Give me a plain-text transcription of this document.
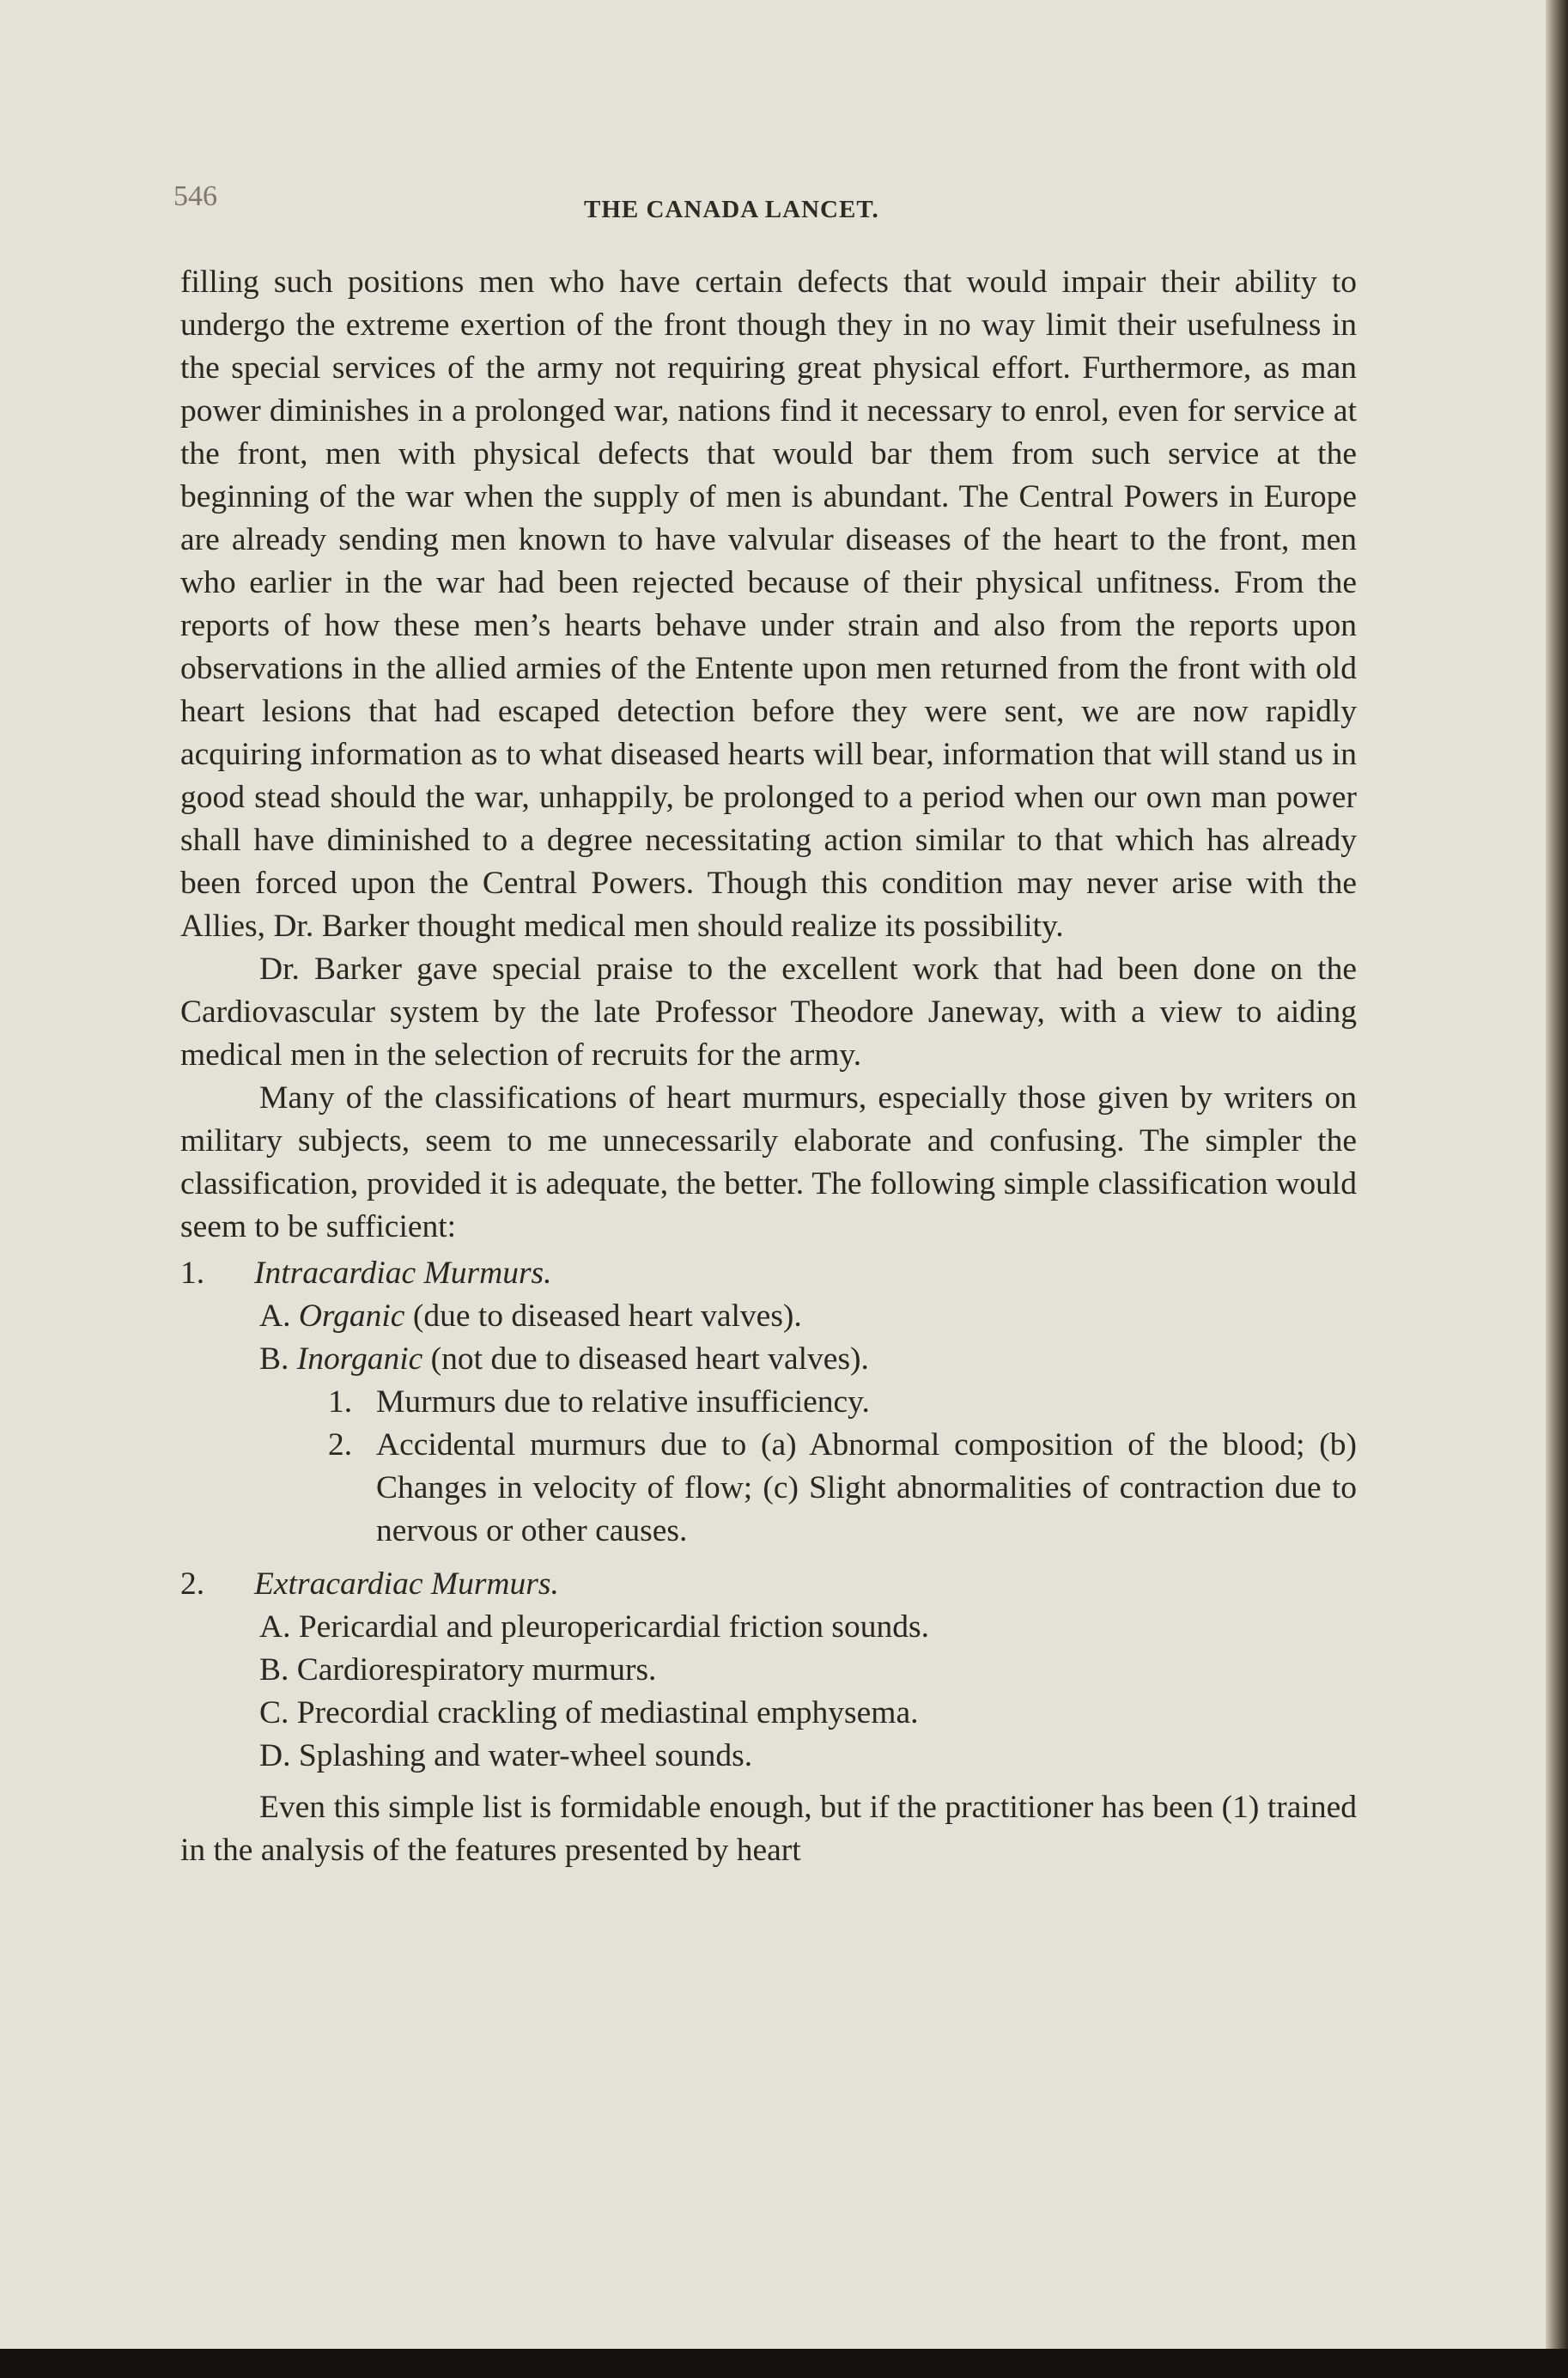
546	THE CANADA LANCET.

filling such positions men who have certain defects that would impair their ability to undergo the extreme exertion of the front though they in no way limit their usefulness in the special services of the army not requiring great physical effort. Furthermore, as man power diminishes in a prolonged war, nations find it necessary to enrol, even for service at the front, men with physical defects that would bar them from such service at the beginning of the war when the supply of men is abundant. The Central Powers in Europe are already sending men known to have valvular diseases of the heart to the front, men who earlier in the war had been rejected because of their physical unfitness. From the reports of how these men’s hearts behave under strain and also from the reports upon observations in the allied armies of the Entente upon men returned from the front with old heart lesions that had escaped detection before they were sent, we are now rapidly acquiring information as to what diseased hearts will bear, information that will stand us in good stead should the war, unhappily, be prolonged to a period when our own man power shall have diminished to a degree necessitating action similar to that which has already been forced upon the Central Powers. Though this condition may never arise with the Allies, Dr. Barker thought medical men should realize its possibility.

Dr. Barker gave special praise to the excellent work that had been done on the Cardiovascular system by the late Professor Theodore Janeway, with a view to aiding medical men in the selection of recruits for the army.

Many of the classifications of heart murmurs, especially those given by writers on military subjects, seem to me unnecessarily elaborate and confusing. The simpler the classification, provided it is adequate, the better. The following simple classification would seem to be sufficient:

1. Intracardiac Murmurs.

A. Organic (due to diseased heart valves).

B. Inorganic (not due to diseased heart valves).

1. Murmurs due to relative insufficiency.

2. Accidental murmurs due to (a) Abnormal composition of the blood; (b) Changes in velocity of flow; (c) Slight abnormalities of contraction due to nervous or other causes.

2. Extracardiac Murmurs.

A. Pericardial and pleuropericardial friction sounds.

B. Cardiorespiratory murmurs.

C. Precordial crackling of mediastinal emphysema.

D. Splashing and water-wheel sounds.

Even this simple list is formidable enough, but if the practitioner has been (1) trained in the analysis of the features presented by heart
